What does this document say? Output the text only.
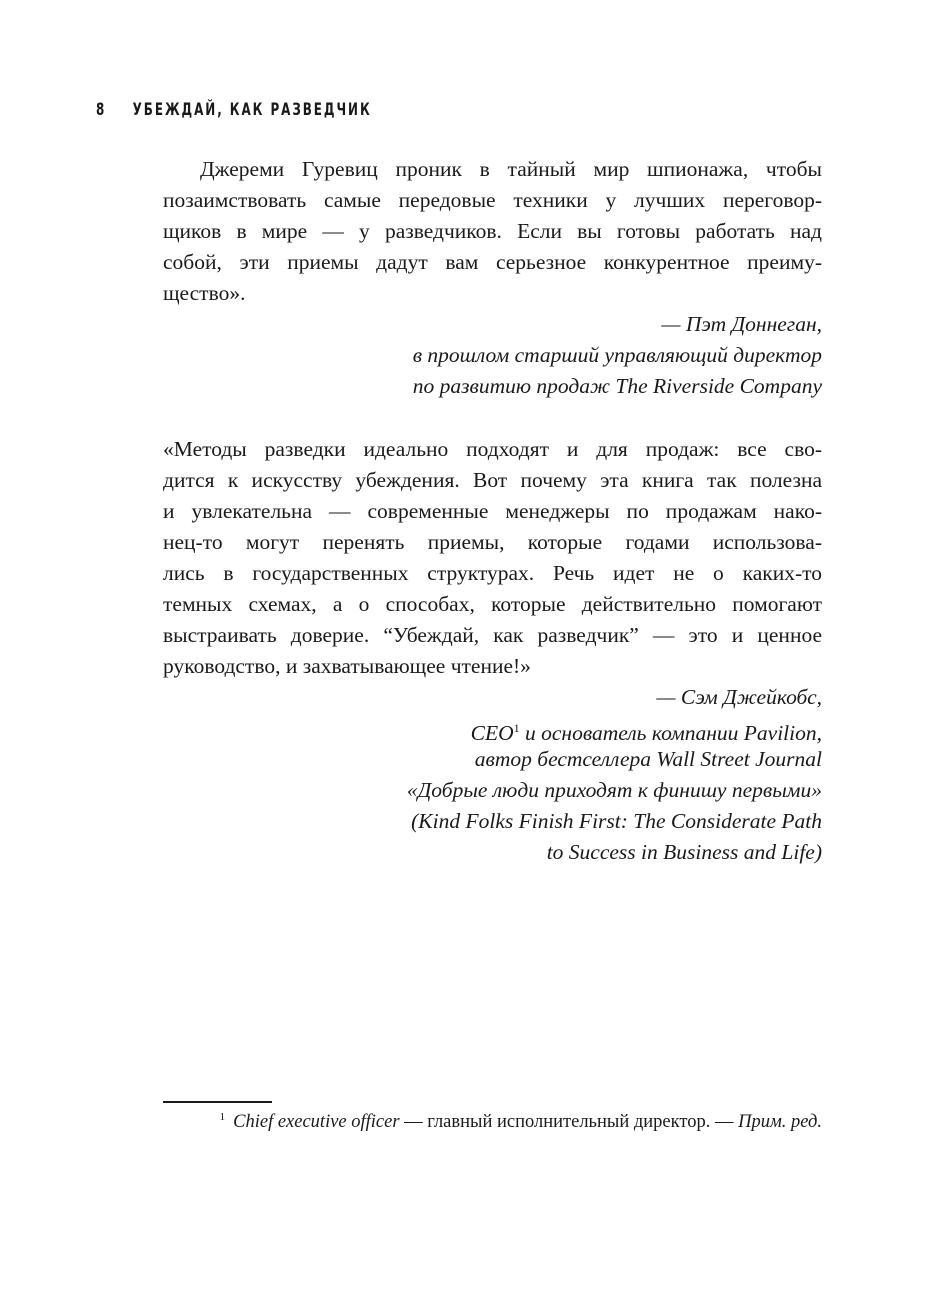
8 УБЕЖДАЙ, КАК РАЗВЕДЧИК
Джереми Гуревиц проник в тайный мир шпионажа, чтобы
позаимствовать самые передовые техники у лучших переговор-
щиков в мире — у разведчиков. Если вы готовы работать над
собой, эти приемы дадут вам серьезное конкурентное преиму-
щество».
— Пэт Доннеган,
в прошлом старший управляющий директор
по развитию продаж The Riverside Company
«Методы разведки идеально подходят и для продаж: все сво-
дится к искусству убеждения. Вот почему эта книга так полезна
и увлекательна — современные менеджеры по продажам нако-
нец-то могут перенять приемы, которые годами использова-
лись в государственных структурах. Речь идет не о каких-то
темных схемах, а о способах, которые действительно помогают
выстраивать доверие. “Убеждай, как разведчик” — это и ценное
руководство, и захватывающее чтение!»
— Сэм Джейкобс,
CEO$^1$ и основатель компании Pavilion,
автор бестселлера Wall Street Journal
«Добрые люди приходят к финишу первыми»
(Kind Folks Finish First: The Considerate Path
to Success in Business and Life)
$^1$ Chief executive officer — главный исполнительный директор. — Прим. ред.
